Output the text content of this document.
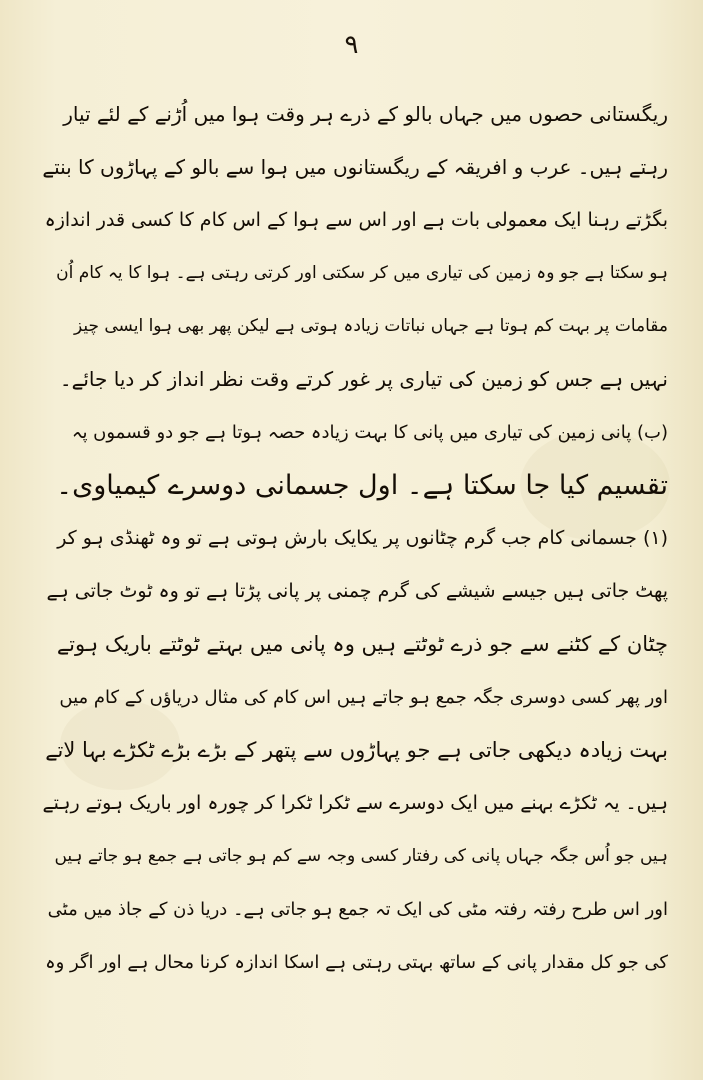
٩
ریگستانی حصوں میں جہاں بالو کے ذرے ہر وقت ہوا میں اُڑنے کے لئے تیار
رہتے ہیں۔ عرب و افریقہ کے ریگستانوں میں ہوا سے بالو کے پہاڑوں کا بنتے
بگڑتے رہنا ایک معمولی بات ہے اور اس سے ہوا کے اس کام کا کسی قدر اندازہ
ہو سکتا ہے جو وہ زمین کی تیاری میں کر سکتی اور کرتی رہتی ہے۔ ہوا کا یہ کام اُن
مقامات پر بہت کم ہوتا ہے جہاں نباتات زیادہ ہوتی ہے لیکن پھر بھی ہوا ایسی چیز
نہیں ہے جس کو زمین کی تیاری پر غور کرتے وقت نظر انداز کر دیا جائے۔
(ب) پانی زمین کی تیاری میں پانی کا بہت زیادہ حصہ ہوتا ہے جو دو قسموں پہ
تقسیم کیا جا سکتا ہے۔ اول جسمانی دوسرے کیمیاوی۔
(۱) جسمانی کام جب گرم چٹانوں پر یکایک بارش ہوتی ہے تو وہ ٹھنڈی ہو کر
پھٹ جاتی ہیں جیسے شیشے کی گرم چمنی پر پانی پڑتا ہے تو وہ ٹوٹ جاتی ہے
چٹان کے کٹنے سے جو ذرے ٹوٹتے ہیں وہ پانی میں بہتے ٹوٹتے باریک ہوتے
اور پھر کسی دوسری جگہ جمع ہو جاتے ہیں اس کام کی مثال دریاؤں کے کام میں
بہت زیادہ دیکھی جاتی ہے جو پہاڑوں سے پتھر کے بڑے بڑے ٹکڑے بہا لاتے
ہیں۔ یہ ٹکڑے بہنے میں ایک دوسرے سے ٹکرا ٹکرا کر چورہ اور باریک ہوتے رہتے
ہیں جو اُس جگہ جہاں پانی کی رفتار کسی وجہ سے کم ہو جاتی ہے جمع ہو جاتے ہیں
اور اس طرح رفتہ رفتہ مٹی کی ایک تہ جمع ہو جاتی ہے۔ دریا ذن کے جاذ میں مٹی
کی جو کل مقدار پانی کے ساتھ بہتی رہتی ہے اسکا اندازہ کرنا محال ہے اور اگر وہ
